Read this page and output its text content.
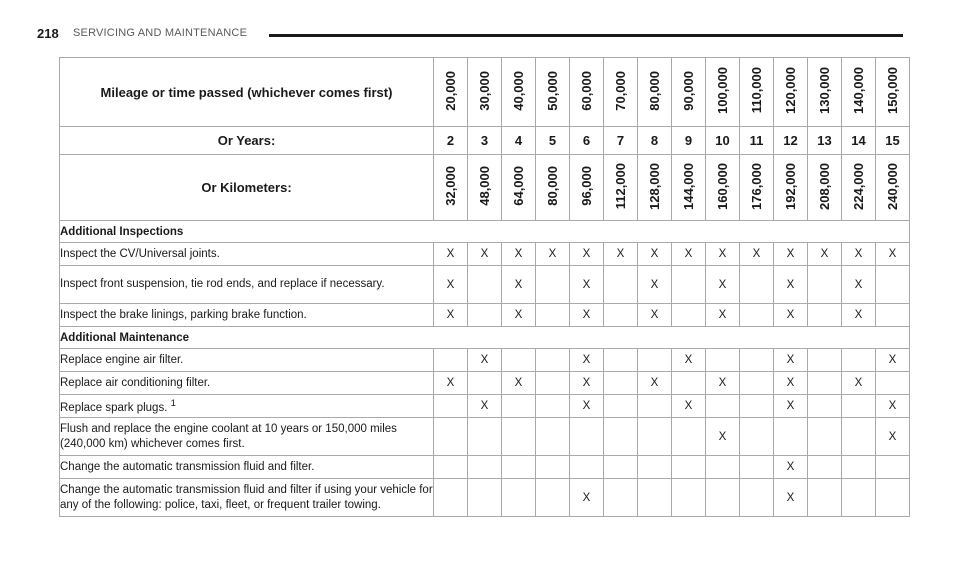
218 SERVICING AND MAINTENANCE
Mileage or time passed (whichever comes first)	20,000	30,000	40,000	50,000	60,000	70,000	80,000	90,000	100,000	110,000	120,000	130,000	140,000	150,000
Or Years:	2	3	4	5	6	7	8	9	10	11	12	13	14	15
Or Kilometers:	32,000	48,000	64,000	80,000	96,000	112,000	128,000	144,000	160,000	176,000	192,000	208,000	224,000	240,000
Additional Inspections														
Inspect the CV/Universal joints.	X	X	X	X	X	X	X	X	X	X	X	X	X	X
Inspect front suspension, tie rod ends, and replace if necessary.	X		X		X		X		X		X		X	
Inspect the brake linings, parking brake function.	X		X		X		X		X		X		X	
Additional Maintenance														
Replace engine air filter.		X			X			X			X			X
Replace air conditioning filter.	X		X		X		X		X		X		X	
Replace spark plugs. $^1$		X			X			X			X			X
Flush and replace the engine coolant at 10 years or 150,000 miles (240,000 km) whichever comes first.									X					X
Change the automatic transmission fluid and filter.											X			
Change the automatic transmission fluid and filter if using your vehicle for any of the following: police, taxi, fleet, or frequent trailer towing.					X						X			
